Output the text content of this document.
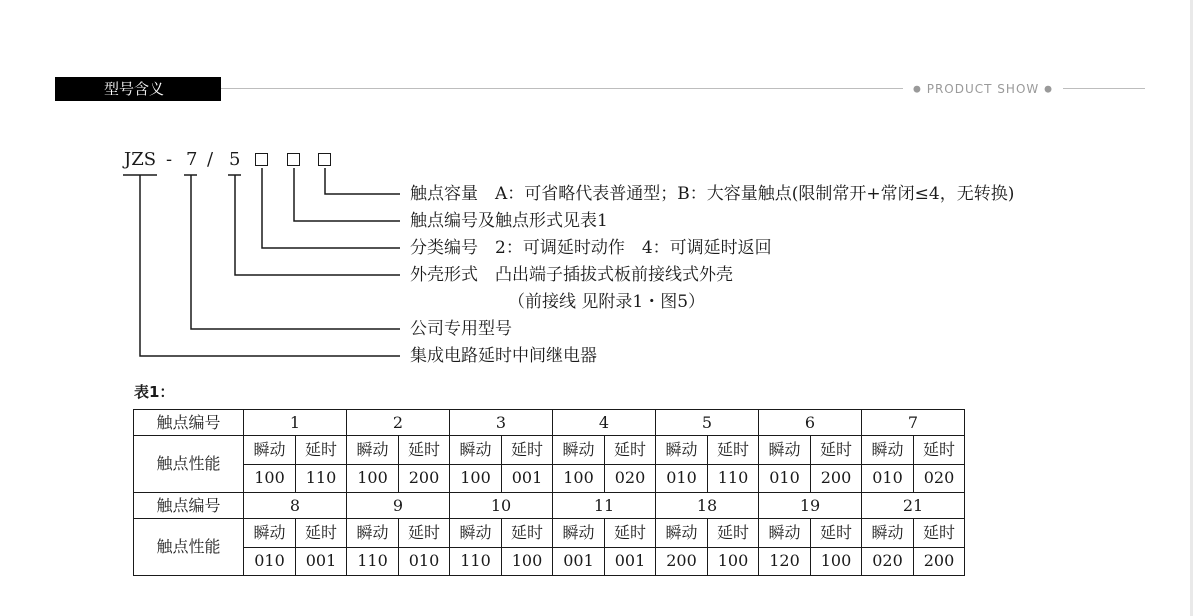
型号含义	● PRODUCT SHOW ●
JZS - 7 / 5
触点容量　A：可省略代表普通型；B：大容量触点(限制常开+常闭≤4，无转换)
触点编号及触点形式见表1
分类编号　2：可调延时动作　4：可调延时返回
外壳形式　凸出端子插拔式板前接线式外壳
（前接线 见附录1・图5）
公司专用型号
集成电路延时中间继电器
表1：
触点编号	1		2		3		4		5		6		7	
触点性能	瞬动	延时	瞬动	延时	瞬动	延时	瞬动	延时	瞬动	延时	瞬动	延时	瞬动	延时
	100	110	100	200	100	001	100	020	010	110	010	200	010	020
触点编号	8		9		10		11		18		19		21	
触点性能	瞬动	延时	瞬动	延时	瞬动	延时	瞬动	延时	瞬动	延时	瞬动	延时	瞬动	延时
	010	001	110	010	110	100	001	001	200	100	120	100	020	200
